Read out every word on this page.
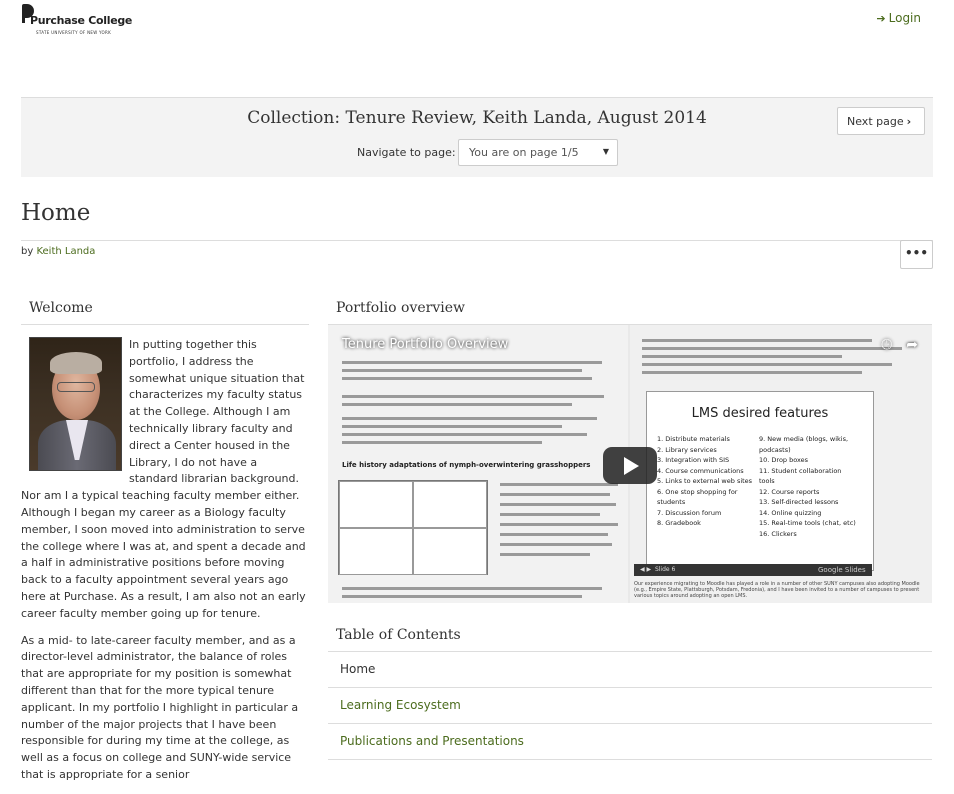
Purchase College
STATE UNIVERSITY OF NEW YORK
➔ Login
Collection: Tenure Review, Keith Landa, August 2014
Navigate to page:	You are on page 1/5	▼
Next page ›
Home
by Keith Landa	•••
Welcome

In putting together this portfolio, I address the somewhat unique situation that characterizes my faculty status at the College. Although I am technically library faculty and direct a Center housed in the Library, I do not have a standard librarian background. Nor am I a typical teaching faculty member either. Although I began my career as a Biology faculty member, I soon moved into administration to serve the college where I was at, and spent a decade and a half in administrative positions before moving back to a faculty appointment several years ago here at Purchase. As a result, I am also not an early career faculty member going up for tenure.

As a mid- to late-career faculty member, and as a director-level administrator, the balance of roles that are appropriate for my position is somewhat different than that for the more typical tenure applicant. In my portfolio I highlight in particular a number of the major projects that I have been responsible for during my time at the college, as well as a focus on college and SUNY-wide service that is appropriate for a senior

Portfolio overview
Life history adaptations of nymph-overwintering grasshoppers
LMS desired features
1. Distribute materials
2. Library services
3. Integration with SIS
4. Course communications
5. Links to external web sites
6. One stop shopping for
students
7. Discussion forum
8. Gradebook
9. New media (blogs, wikis,
podcasts)
10. Drop boxes
11. Student collaboration
tools
12. Course reports
13. Self-directed lessons
14. Online quizzing
15. Real-time tools (chat, etc)
16. Clickers
Tenure Portfolio Overview	🕒︎ ➦
◀ ▶  Slide 6	Google Slides
Our experience migrating to Moodle has played a role in a number of other SUNY campuses also adopting Moodle (e.g., Empire State, Plattsburgh, Potsdam, Fredonia), and I have been invited to a number of campuses to present various topics around adopting an open LMS.
Table of Contents
Home
Learning Ecosystem
Publications and Presentations
